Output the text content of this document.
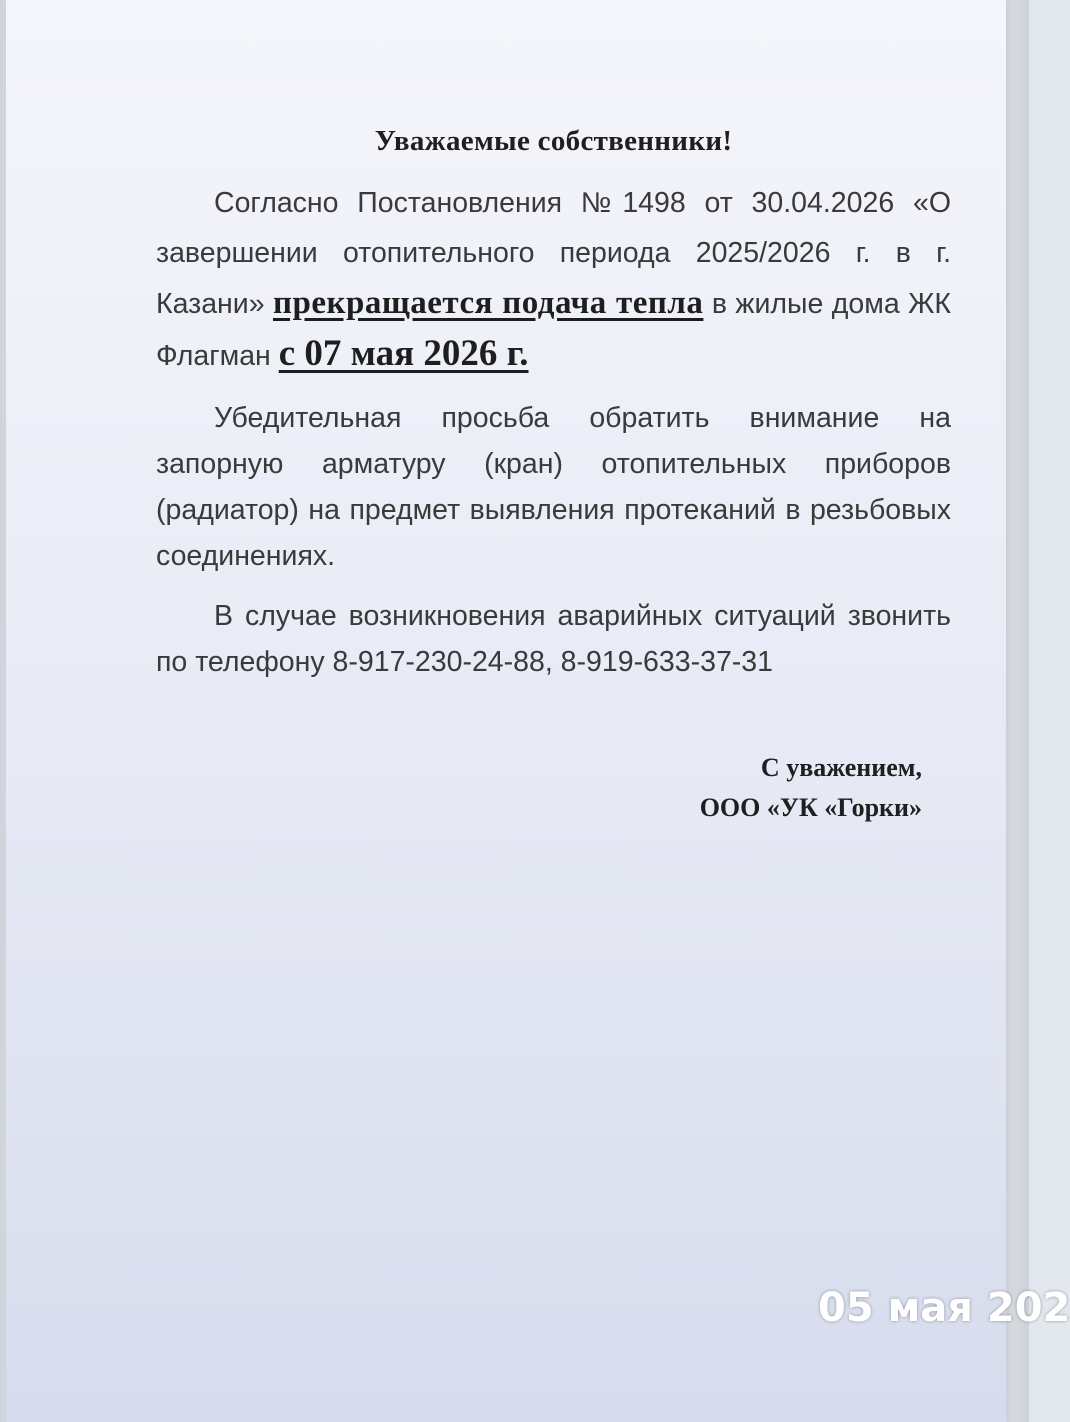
Уважаемые собственники!

Согласно Постановления №1498 от 30.04.2026 «О завершении отопительного периода 2025/2026 г. в г. Казани» прекращается подача тепла в жилые дома ЖК Флагман с 07 мая 2026 г.

Убедительная просьба обратить внимание на запорную арматуру (кран) отопительных приборов (радиатор) на предмет выявления протеканий в резьбовых соединениях.

В случае возникновения аварийных ситуаций звонить по телефону 8-917-230-24-88, 8-919-633-37-31

С уважением,
ООО «УК «Горки»
05 мая 202
